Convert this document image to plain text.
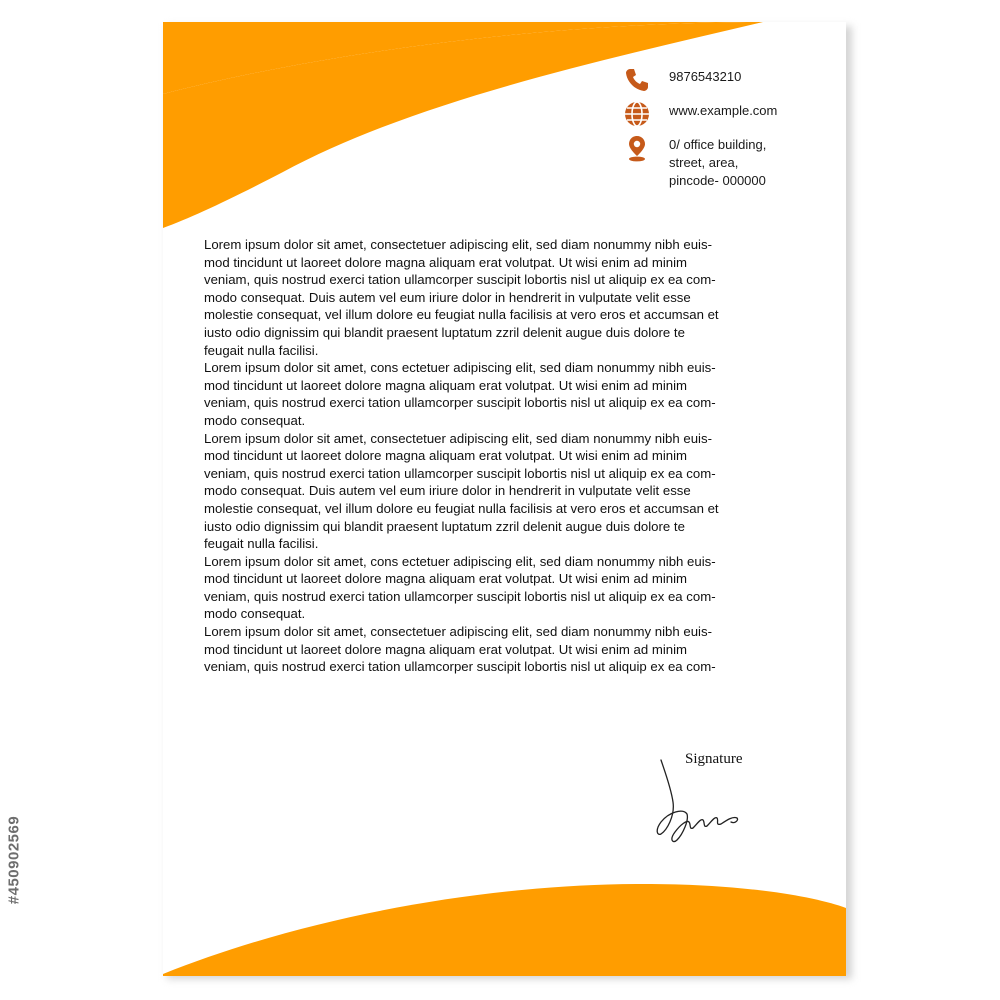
9876543210
www.example.com
0/ office building,
street, area,
pincode- 000000

Lorem ipsum dolor sit amet, consectetuer adipiscing elit, sed diam nonummy nibh euis-

mod tincidunt ut laoreet dolore magna aliquam erat volutpat. Ut wisi enim ad minim

veniam, quis nostrud exerci tation ullamcorper suscipit lobortis nisl ut aliquip ex ea com-

modo consequat. Duis autem vel eum iriure dolor in hendrerit in vulputate velit esse

molestie consequat, vel illum dolore eu feugiat nulla facilisis at vero eros et accumsan et

iusto odio dignissim qui blandit praesent luptatum zzril delenit augue duis dolore te

feugait nulla facilisi.

Lorem ipsum dolor sit amet, cons ectetuer adipiscing elit, sed diam nonummy nibh euis-

mod tincidunt ut laoreet dolore magna aliquam erat volutpat. Ut wisi enim ad minim

veniam, quis nostrud exerci tation ullamcorper suscipit lobortis nisl ut aliquip ex ea com-

modo consequat.

Lorem ipsum dolor sit amet, consectetuer adipiscing elit, sed diam nonummy nibh euis-

mod tincidunt ut laoreet dolore magna aliquam erat volutpat. Ut wisi enim ad minim

veniam, quis nostrud exerci tation ullamcorper suscipit lobortis nisl ut aliquip ex ea com-

modo consequat. Duis autem vel eum iriure dolor in hendrerit in vulputate velit esse

molestie consequat, vel illum dolore eu feugiat nulla facilisis at vero eros et accumsan et

iusto odio dignissim qui blandit praesent luptatum zzril delenit augue duis dolore te

feugait nulla facilisi.

Lorem ipsum dolor sit amet, cons ectetuer adipiscing elit, sed diam nonummy nibh euis-

mod tincidunt ut laoreet dolore magna aliquam erat volutpat. Ut wisi enim ad minim

veniam, quis nostrud exerci tation ullamcorper suscipit lobortis nisl ut aliquip ex ea com-

modo consequat.

Lorem ipsum dolor sit amet, consectetuer adipiscing elit, sed diam nonummy nibh euis-

mod tincidunt ut laoreet dolore magna aliquam erat volutpat. Ut wisi enim ad minim

veniam, quis nostrud exerci tation ullamcorper suscipit lobortis nisl ut aliquip ex ea com-

Signature
#450902569
